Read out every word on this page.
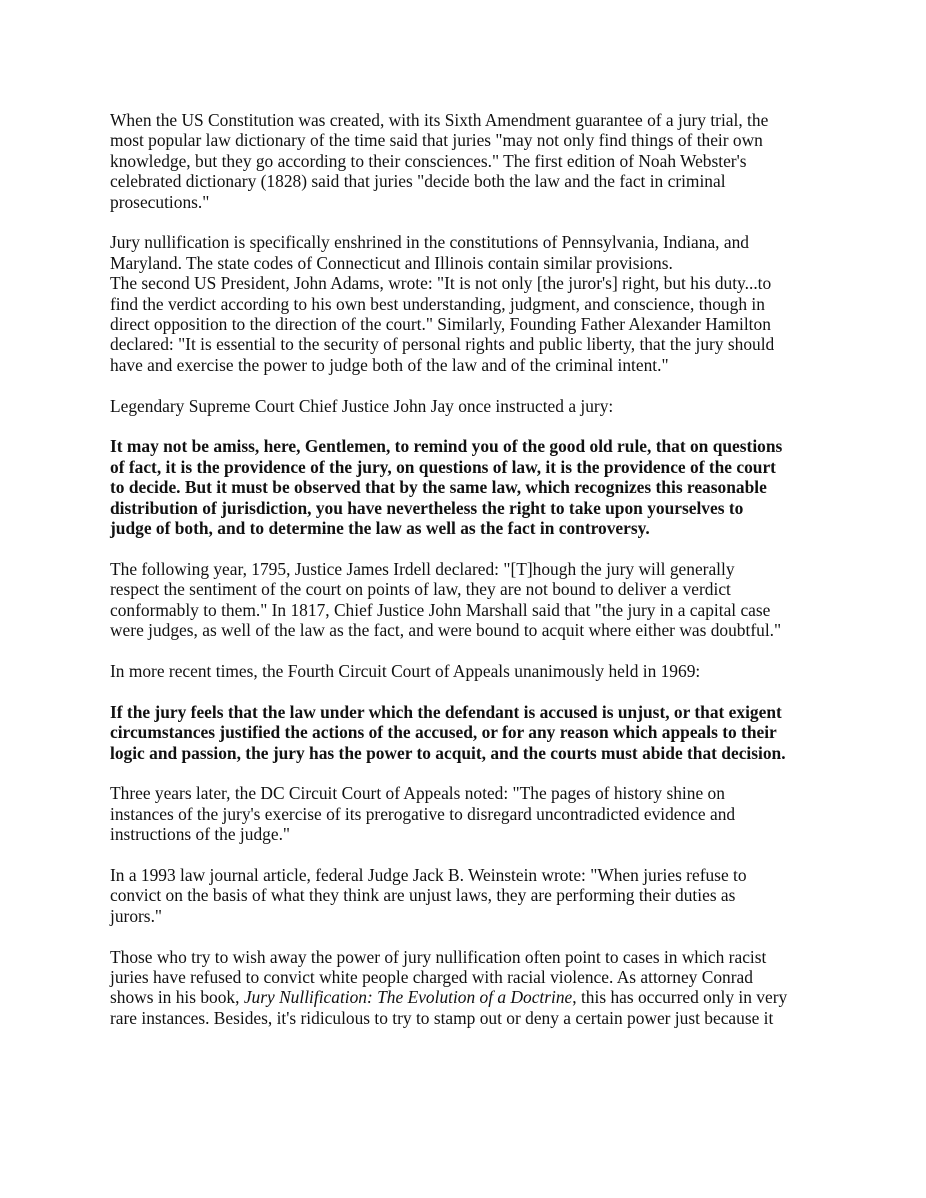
When the US Constitution was created, with its Sixth Amendment guarantee of a jury trial, the
most popular law dictionary of the time said that juries "may not only find things of their own
knowledge, but they go according to their consciences." The first edition of Noah Webster's
celebrated dictionary (1828) said that juries "decide both the law and the fact in criminal
prosecutions."

Jury nullification is specifically enshrined in the constitutions of Pennsylvania, Indiana, and
Maryland. The state codes of Connecticut and Illinois contain similar provisions.
The second US President, John Adams, wrote: "It is not only [the juror's] right, but his duty...to
find the verdict according to his own best understanding, judgment, and conscience, though in
direct opposition to the direction of the court." Similarly, Founding Father Alexander Hamilton
declared: "It is essential to the security of personal rights and public liberty, that the jury should
have and exercise the power to judge both of the law and of the criminal intent."

Legendary Supreme Court Chief Justice John Jay once instructed a jury:

It may not be amiss, here, Gentlemen, to remind you of the good old rule, that on questions
of fact, it is the providence of the jury, on questions of law, it is the providence of the court
to decide. But it must be observed that by the same law, which recognizes this reasonable
distribution of jurisdiction, you have nevertheless the right to take upon yourselves to
judge of both, and to determine the law as well as the fact in controversy.

The following year, 1795, Justice James Irdell declared: "[T]hough the jury will generally
respect the sentiment of the court on points of law, they are not bound to deliver a verdict
conformably to them." In 1817, Chief Justice John Marshall said that "the jury in a capital case
were judges, as well of the law as the fact, and were bound to acquit where either was doubtful."

In more recent times, the Fourth Circuit Court of Appeals unanimously held in 1969:

If the jury feels that the law under which the defendant is accused is unjust, or that exigent
circumstances justified the actions of the accused, or for any reason which appeals to their
logic and passion, the jury has the power to acquit, and the courts must abide that decision.

Three years later, the DC Circuit Court of Appeals noted: "The pages of history shine on
instances of the jury's exercise of its prerogative to disregard uncontradicted evidence and
instructions of the judge."

In a 1993 law journal article, federal Judge Jack B. Weinstein wrote: "When juries refuse to
convict on the basis of what they think are unjust laws, they are performing their duties as
jurors."

Those who try to wish away the power of jury nullification often point to cases in which racist
juries have refused to convict white people charged with racial violence. As attorney Conrad
shows in his book, Jury Nullification: The Evolution of a Doctrine, this has occurred only in very
rare instances. Besides, it's ridiculous to try to stamp out or deny a certain power just because it
